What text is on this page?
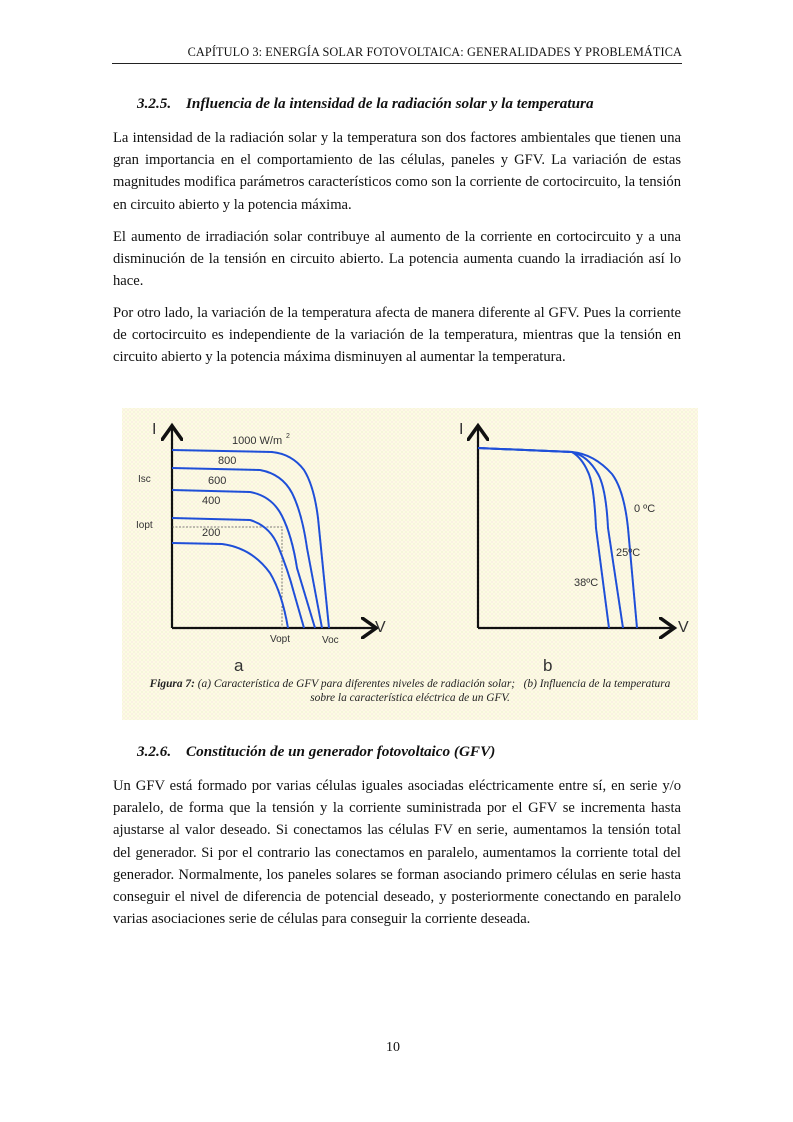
CAPÍTULO 3: ENERGÍA SOLAR FOTOVOLTAICA: GENERALIDADES Y PROBLEMÁTICA
3.2.5. Influencia de la intensidad de la radiación solar y la temperatura

La intensidad de la radiación solar y la temperatura son dos factores ambientales que tienen una gran importancia en el comportamiento de las células, paneles y GFV. La variación de estas magnitudes modifica parámetros característicos como son la corriente de cortocircuito, la tensión en circuito abierto y la potencia máxima.

El aumento de irradiación solar contribuye al aumento de la corriente en cortocircuito y a una disminución de la tensión en circuito abierto. La potencia aumenta cuando la irradiación así lo hace.

Por otro lado, la variación de la temperatura afecta de manera diferente al GFV. Pues la corriente de cortocircuito es independiente de la variación de la temperatura, mientras que la tensión en circuito abierto y la potencia máxima disminuyen al aumentar la temperatura.

I
V
1000 W/m 2
800
600
400
200
Isc
Iopt
Vopt	Voc
a
I
V
0 ºC
25ºC
38ºC
b
Figura 7: (a) Característica de GFV para diferentes niveles de radiación solar;   (b) Influencia de la temperatura
sobre la característica eléctrica de un GFV.
3.2.6. Constitución de un generador fotovoltaico (GFV)

Un GFV está formado por varias células iguales asociadas eléctricamente entre sí, en serie y/o paralelo, de forma que la tensión y la corriente suministrada por el GFV se incrementa hasta ajustarse al valor deseado. Si conectamos las células FV en serie, aumentamos la tensión total del generador. Si por el contrario las conectamos en paralelo, aumentamos la corriente total del generador. Normalmente, los paneles solares se forman asociando primero células en serie hasta conseguir el nivel de diferencia de potencial deseado, y posteriormente conectando en paralelo varias asociaciones serie de células para conseguir la corriente deseada.

10
